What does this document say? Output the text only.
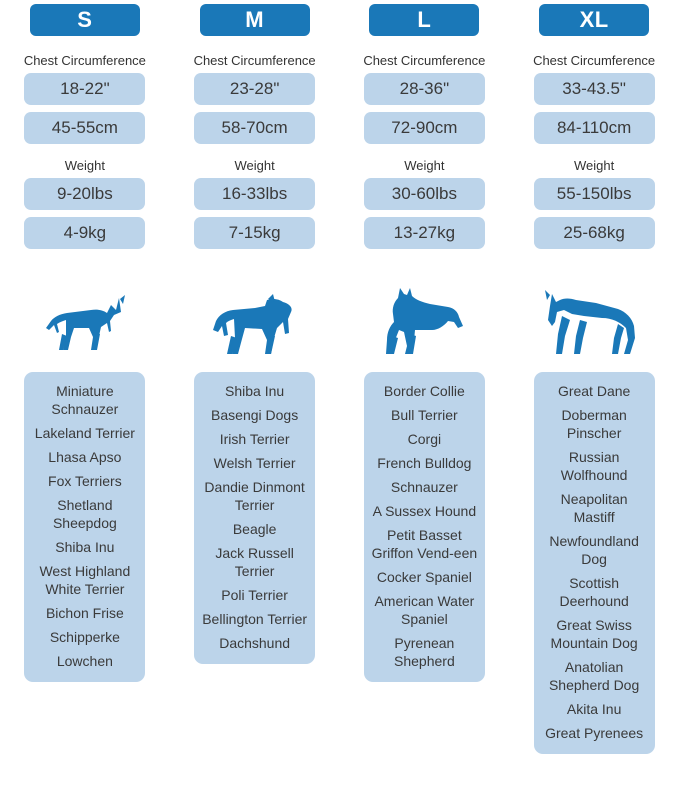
S
Chest Circumference
18-22"
45-55cm
Weight
9-20lbs
4-9kg
Miniature Schnauzer
Lakeland Terrier
Lhasa Apso
Fox Terriers
Shetland Sheepdog
Shiba Inu
West Highland White Terrier
Bichon Frise
Schipperke
Lowchen
M
Chest Circumference
23-28"
58-70cm
Weight
16-33lbs
7-15kg
Shiba Inu
Basengi Dogs
Irish Terrier
Welsh Terrier
Dandie Dinmont Terrier
Beagle
Jack Russell Terrier
Poli Terrier
Bellington Terrier
Dachshund
L
Chest Circumference
28-36"
72-90cm
Weight
30-60lbs
13-27kg
Border Collie
Bull Terrier
Corgi
French Bulldog
Schnauzer
A Sussex Hound
Petit Basset Griffon Vend-een
Cocker Spaniel
American Water Spaniel
Pyrenean Shepherd
XL
Chest Circumference
33-43.5"
84-110cm
Weight
55-150lbs
25-68kg
Great Dane
Doberman Pinscher
Russian Wolfhound
Neapolitan Mastiff
Newfoundland Dog
Scottish Deerhound
Great Swiss Mountain Dog
Anatolian Shepherd Dog
Akita Inu
Great Pyrenees
